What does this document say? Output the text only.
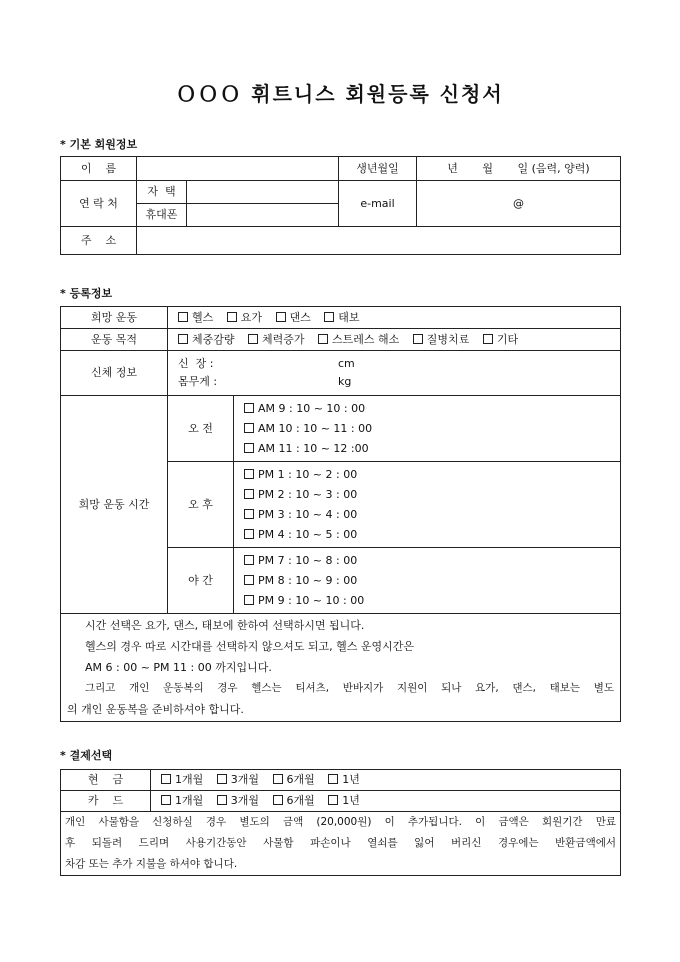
ＯＯＯ 휘트니스 회원등록 신청서
* 기본 회원정보
이    름			생년월일	년       월       일 (음력, 양력)
연 락 처	자  택		e-mail	@
	휴대폰			
주    소				
* 등록정보
희망 운동	헬스 요가 댄스 태보	
운동 목적	체중감량 체력증가 스트레스 해소 질병치료 기타	
신체 정보	신  장 : cm
몸무게 : kg	

희망 운동 시간	오 전	AM 9 : 10 ~ 10 : 00
AM 10 : 10 ~ 11 : 00
AM 11 : 10 ~ 12 :00

	오 후	PM 1 : 10 ~ 2 : 00
PM 2 : 10 ~ 3 : 00
PM 3 : 10 ~ 4 : 00
PM 4 : 10 ~ 5 : 00

	야 간	PM 7 : 10 ~ 8 : 00
PM 8 : 10 ~ 9 : 00
PM 9 : 10 ~ 10 : 00

시간 선택은 요가, 댄스, 태보에 한하여 선택하시면 됩니다.
헬스의 경우 따로 시간대를 선택하지 않으셔도 되고, 헬스 운영시간은
AM 6 : 00 ~ PM 11 : 00 까지입니다.
그리고 개인 운동복의 경우 헬스는 티셔츠, 반바지가 지원이 되나 요가, 댄스, 태보는 별도
의 개인 운동복을 준비하셔야 합니다.		
* 결제선택
현    금	1개월 3개월 6개월 1년
카    드	1개월 3개월 6개월 1년

개인 사물함을 신청하실 경우 별도의 금액 (20,000원) 이 추가됩니다. 이 금액은 회원기간 만료
후 되돌려 드리며 사용기간동안 사물함 파손이나 열쇠를 잃어 버리신 경우에는 반환금액에서
차감 또는 추가 지불을 하셔야 합니다.	
